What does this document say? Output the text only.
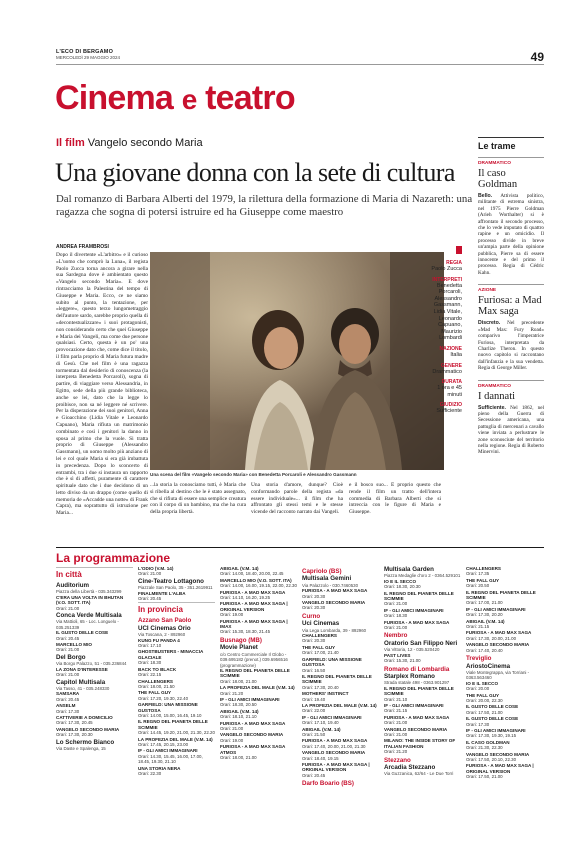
L'ECO DI BERGAMO
MERCOLEDÌ 29 MAGGIO 2024	49
Cinema e teatro
Il film Vangelo secondo Maria
Una giovane donna con la sete di cultura
Dal romanzo di Barbara Alberti del 1979, la rilettura della formazione di Maria di Nazareth: una ragazza che sogna di potersi istruire ed ha Giuseppe come maestro
ANDREA FRAMBROSI
Dopo il divertente «L'arbitro» e il curioso «L'uomo che comprò la Luna», il regista Paolo Zucca torna ancora a girare nella sua Sardegna dove è ambientato questo «Vangelo secondo Maria». E dove rintracciamo la Palestina del tempo di Giuseppe e Maria. Ecco, ce ne siamo subito al punto, la tentazione, per «leggere», questo terzo lungometraggio dell'autore sardo, sarebbe proprio quella di «decontestualizzare» i suoi protagonisti, non considerando certo che quei Giuseppe e Maria dei Vangeli, ma come due persone qualsiasi. Certo, questa è un po' una provocazione dato che, come dice il titolo, il film parla proprio di Maria futura madre di Gesù. Che nel film è una ragazza tormentata dal desiderio di conoscenza (la interpreta Benedetta Porcaroli), sogna di partire, di viaggiare verso Alessandria, in Egitto, sede della più grande biblioteca, anche se lei, dato che la legge lo proibisce, non sa né leggere né scrivere. Per la disperazione dei suoi genitori, Anna e Gioacchino (Lidia Vitale e Leonardo Capuano), Maria rifiuta un matrimonio combinato e così i genitori la danno in sposa al primo che la vuole. Si tratta proprio di Giuseppe (Alessandro Gassmann), un uomo molto più anziano di lei e col quale Maria si era già imbattuta in precedenza. Dopo lo sconcerto di entrambi, tra i due si instaura un rapporto che è sì di affetti, puramente di carattere spirituale dato che i due decidono di un letto diviso da un drappo (come quello di memoria de «Accadde una notte» di Frank Capra), ma soprattutto di istruzione per Maria...
Una scena del film «Vangelo secondo Maria» con Benedetta Porcaroli e Alessandro Gassmann
...la storia la conosciamo tutti, è Maria che si ribella al destino che le è stato assegnato, che si rifiuta di essere una semplice creatura con il corpo di un bambino, ma che ha cura della propria libertà.
Una storia d'amore, dunque? Cioè conformando parole della regista «da essere individuale»... il film che ha affrontato gli stessi temi e le stesse vicende del racconto narrato dai Vangeli.
e il bosco suo... È proprio questo che rende il film un tratto dell'intera commedia di Barbara Alberti che si intreccia con le figure di Maria e Giuseppe.
REGIA
Paolo Zucca
INTERPRETI
Benedetta Porcaroli, Alessandro Gassmann, Lidia Vitale, Leonardo Capuano, Maurizio Lombardi
NAZIONE
Italia
GENERE
Drammatico
DURATA
1 ora e 45 minuti
GIUDIZIO
Sufficiente
Le trame
DRAMMATICO
Il caso Goldman
Bello. Attivista politico, militante di estrema sinistra, nel 1975 Pierre Goldman (Arieh Worthalter) si è affrontato il secondo processo, che lo vede imputato di quattro rapine e un omicidio. Il processo divide in breve un'ampia parte della opinione pubblica, Pierre sa di essere innocente e del primo il processo. Regia di Cédric Kahn.
AZIONE
Furiosa: a Mad Max saga
Discreto. Nel precedente «Mad Max: Fury Road» comparivo l'imperatrice Furiosa, interpretata da Charlize Theron. In questo nuovo capitolo si raccontano dall'infanzia e la sua vendetta. Regia di George Miller.
DRAMMATICO
I dannati
Sufficiente. Nel 1862, nel pieno della Guerra di Secessione americana, una pattuglia di mercenari a cavallo viene inviata a perlustrare le zone sconosciute del territorio nella regione. Regia di Roberto Minervini.
La programmazione
In città
Auditorium
Piazza della Libertà - 035.343299
C'ERA UNA VOLTA IN BHUTAN (V.O. SOTT. ITA)
Orari: 21.00
Conca Verde Multisala
Via Mattioli, 65 - Loc. Longuelo - 035.251339
IL GUSTO DELLE COSE
Orari: 20.45
MARCELLO MIO
Orari: 21.00
Del Borgo
Via Borgo Palazzo, 51 - 035.236844
LA ZONA D'INTERESSE
Orari: 21.00
Capitol Multisala
Via Tasso, 41 - 035.248330
SAMSARA
Orari: 20.45
ANSELM
Orari: 17.30
CATTIVERIE A DOMICILIO
Orari: 17.30, 20.45
VANGELO SECONDO MARIA
Orari: 17.30, 20.30
Lo Schermo Bianco
Via Daste e Spalenga, 15
L'ODIO (V.M. 14)
Orari: 21.00
Cine-Teatro Lottagono
Piazzale San Paolo, 35 - 351.2619911
FINALMENTE L'ALBA
Orari: 20.45
In provincia
Azzano San Paolo
UCI Cinemas Orio
Via Toscana, 2 - 892960
KUNG FU PANDA 4
Orari: 17.10
GHOSTBUSTERS - MINACCIA GLACIALE
Orari: 18.30
BACK TO BLACK
Orari: 22.15
CHALLENGERS
Orari: 18.00, 21.50
THE FALL GUY
Orari: 17.20, 19.30, 22.40
GARFIELD: UNA MISSIONE GUSTOSA
Orari: 14.00, 15.00, 16.45, 19.10
IL REGNO DEL PIANETA DELLE SCIMMIE
Orari: 14.45, 19.20, 21.00, 21.30, 22.20
LA PROFEZIA DEL MALE (V.M. 14)
Orari: 17.45, 20.15, 23.00
IF - GLI AMICI IMMAGINARI
Orari: 14.30, 15.45, 16.00, 17.00, 18.45, 19.30, 21.10
UNA STORIA NERA
Orari: 22.30
ABIGAIL (V.M. 14)
Orari: 14.00, 18.40, 20.00, 22.45
MARCELLO MIO (V.O. SOTT. ITA)
Orari: 14.00, 16.00, 19.15, 22.00, 22.30
FURIOSA - A MAD MAX SAGA
Orari: 14.10, 16.20, 19.25
FURIOSA - A MAD MAX SAGA | ORIGINAL VERSION
Orari: 19.00
FURIOSA - A MAD MAX SAGA | IMAX
Orari: 15.30, 18.30, 21.45
Busnago (MB)
Movie Planet
c/o Centro Commerciale Il Globo - 039.695182 (prenot.) 039.6956516 (programmazione)
IL REGNO DEL PIANETA DELLE SCIMMIE
Orari: 18.00, 21.00
LA PROFEZIA DEL MALE (V.M. 14)
Orari: 21.20
IF - GLI AMICI IMMAGINARI
Orari: 18.30, 20.50
ABIGAIL (V.M. 14)
Orari: 18.10, 21.10
FURIOSA - A MAD MAX SAGA
Orari: 21.00
VANGELO SECONDO MARIA
Orari: 19.00
FURIOSA - A MAD MAX SAGA ATMOS
Orari: 18.00, 21.00
Capriolo (BS)
Multisala Gemini
Via Palazzolo - 030.7460530
FURIOSA - A MAD MAX SAGA
Orari: 20.30
VANGELO SECONDO MARIA
Orari: 20.30
Curno
Uci Cinemas
Via Lega Lombarda, 39 - 892960
CHALLENGERS
Orari: 20.30
THE FALL GUY
Orari: 17.00, 21.40
GARFIELD: UNA MISSIONE GUSTOSA
Orari: 16.50
IL REGNO DEL PIANETA DELLE SCIMMIE
Orari: 17.30, 20.40
MOTHERS' INSTINCT
Orari: 19.40
LA PROFEZIA DEL MALE (V.M. 14)
Orari: 22.00
IF - GLI AMICI IMMAGINARI
Orari: 17.10, 19.40
ABIGAIL (V.M. 14)
Orari: 21.50
FURIOSA - A MAD MAX SAGA
Orari: 17.40, 20.00, 21.00, 21.30
VANGELO SECONDO MARIA
Orari: 18.40, 19.15
FURIOSA - A MAD MAX SAGA | ORIGINAL VERSION
Orari: 20.45
Darfo Boario (BS)
Multisala Garden
Piazza Medaglie d'oro 2 - 0364.529101
IO E IL SECCO
Orari: 18.30, 20.30
IL REGNO DEL PIANETA DELLE SCIMMIE
Orari: 21.00
IF - GLI AMICI IMMAGINARI
Orari: 18.30
FURIOSA - A MAD MAX SAGA
Orari: 21.00
Nembro
Oratorio San Filippo Neri
Via Vittoria, 12 - 035.520420
PAST LIVES
Orari: 15.30, 21.00
Romano di Lombardia
Starplex Romano
Strada statale 498 - 0363.901297
IL REGNO DEL PIANETA DELLE SCIMMIE
Orari: 21.10
IF - GLI AMICI IMMAGINARI
Orari: 21.15
FURIOSA - A MAD MAX SAGA
Orari: 21.00
VANGELO SECONDO MARIA
Orari: 21.00
MILANO: THE INSIDE STORY OF ITALIAN FASHION
Orari: 21.20
Stezzano
Arcadia Stezzano
Via Guzzanica, 62/64 - Le Due Torri
CHALLENGERS
Orari: 17.35
THE FALL GUY
Orari: 20.50
IL REGNO DEL PIANETA DELLE SCIMMIE
Orari: 17.00, 21.00
IF - GLI AMICI IMMAGINARI
Orari: 17.30, 20.20
ABIGAIL (V.M. 14)
Orari: 21.15
FURIOSA - A MAD MAX SAGA
Orari: 17.30, 20.00, 21.00
VANGELO SECONDO MARIA
Orari: 17.40, 20.40
Treviglio
AriostoCinema
Viale Montegrappa, via Torriani - 0363.563460
IO E IL SECCO
Orari: 20.00
THE FALL GUY
Orari: 20.00, 22.30
IL GUSTO DELLE COSE
Orari: 17.50, 21.00
IL GUSTO DELLE COSE
Orari: 17.30
IF - GLI AMICI IMMAGINARI
Orari: 17.30, 19.30, 19.15
IL CASO GOLDMAN
Orari: 21.30, 22.30
VANGELO SECONDO MARIA
Orari: 17.50, 20.10, 22.30
FURIOSA - A MAD MAX SAGA | ORIGINAL VERSION
Orari: 17.50, 21.00
